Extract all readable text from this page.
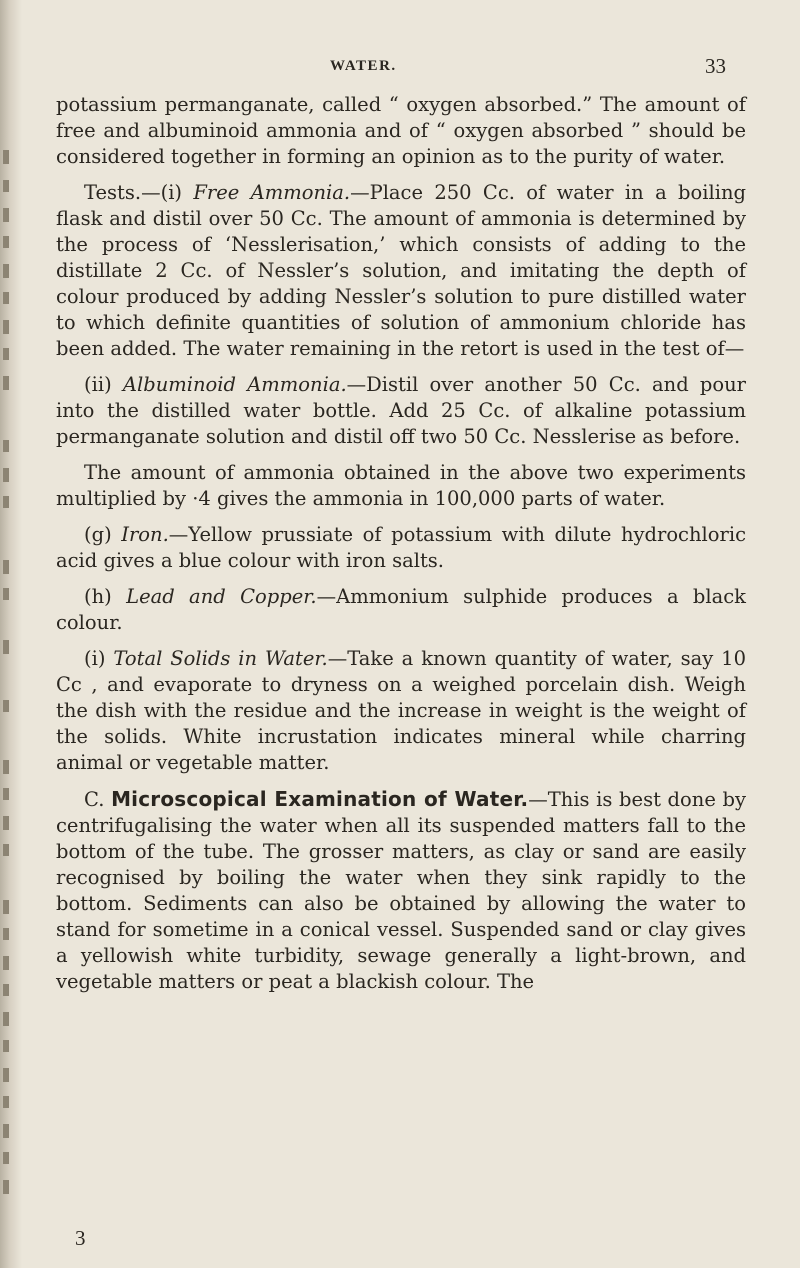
WATER.	33

potassium permanganate, called “ oxygen absorbed.” The amount of free and albuminoid ammonia and of “ oxygen absorbed ” should be considered together in forming an opinion as to the purity of water.

Tests.—(i) Free Ammonia.—Place 250 Cc. of water in a boiling flask and distil over 50 Cc. The amount of ammonia is determined by the process of ‘Nesslerisation,’ which consists of adding to the distillate 2 Cc. of Nessler’s solution, and imitating the depth of colour produced by adding Nessler’s solution to pure distilled water to which definite quantities of solution of ammonium chloride has been added. The water remaining in the retort is used in the test of—

(ii) Albuminoid Ammonia.—Distil over another 50 Cc. and pour into the distilled water bottle. Add 25 Cc. of alkaline potassium permanganate solution and distil off two 50 Cc. Nesslerise as before.

The amount of ammonia obtained in the above two experiments multiplied by ·4 gives the ammonia in 100,000 parts of water.

(g) Iron.—Yellow prussiate of potassium with dilute hydrochloric acid gives a blue colour with iron salts.

(h) Lead and Copper.—Ammonium sulphide produces a black colour.

(i) Total Solids in Water.—Take a known quantity of water, say 10 Cc , and evaporate to dryness on a weighed porcelain dish. Weigh the dish with the residue and the increase in weight is the weight of the solids. White incrustation indicates mineral while charring animal or vegetable matter.

C. Microscopical Examination of Water.—This is best done by centrifugalising the water when all its suspended matters fall to the bottom of the tube. The grosser matters, as clay or sand are easily recognised by boiling the water when they sink rapidly to the bottom. Sediments can also be obtained by allowing the water to stand for sometime in a conical vessel. Suspended sand or clay gives a yellowish white turbidity, sewage generally a light-brown, and vegetable matters or peat a blackish colour. The

3
